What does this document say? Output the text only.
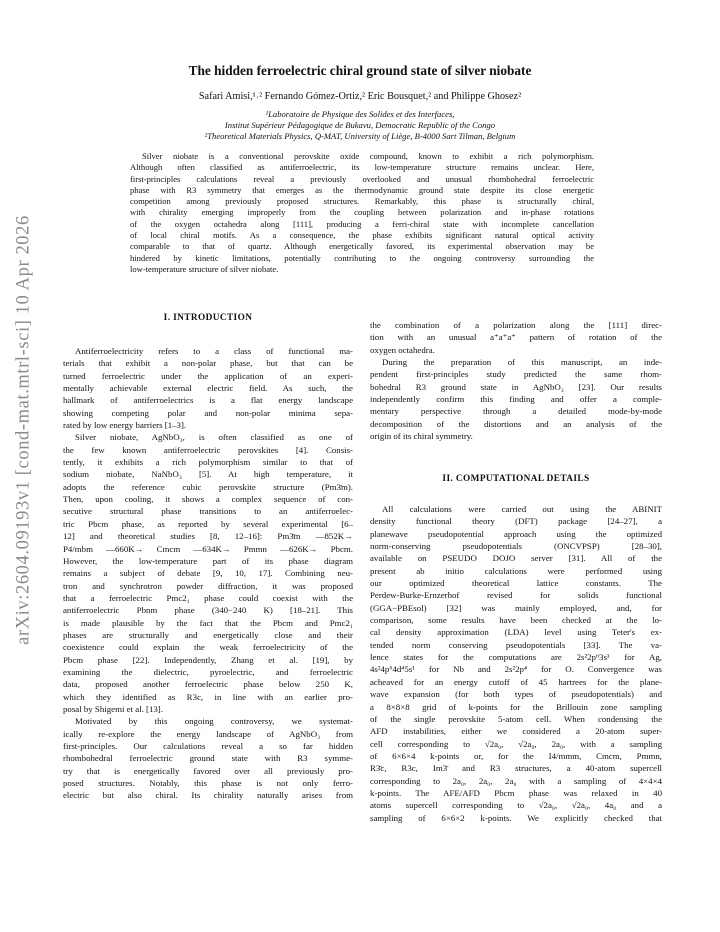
arXiv:2604.09193v1 [cond-mat.mtrl-sci] 10 Apr 2026
The hidden ferroelectric chiral ground state of silver niobate
Safari Amisi,¹˒² Fernando Gómez-Ortiz,² Eric Bousquet,² and Philippe Ghosez²
¹Laboratoire de Physique des Solides et des Interfaces,
Institut Supérieur Pédagogique de Bukavu, Democratic Republic of the Congo
²Theoretical Materials Physics, Q-MAT, University of Liège, B-4000 Sart Tilman, Belgium
Silver niobate is a conventional perovskite oxide compound, known to exhibit a rich polymorphism.
Although often classified as antiferroelectric, its low-temperature structure remains unclear. Here,
first-principles calculations reveal a previously overlooked and unusual rhombohedral ferroelectric
phase with R3 symmetry that emerges as the thermodynamic ground state despite its close energetic
competition among previously proposed structures. Remarkably, this phase is structurally chiral,
with chirality emerging improperly from the coupling between polarization and in-phase rotations
of the oxygen octahedra along [111], producing a ferri-chiral state with incomplete cancellation
of local chiral motifs. As a consequence, the phase exhibits significant natural optical activity
comparable to that of quartz. Although energetically favored, its experimental observation may be
hindered by kinetic limitations, potentially contributing to the ongoing controversy surrounding the
low-temperature structure of silver niobate.
I. INTRODUCTION
Antiferroelectricity refers to a class of functional ma-
terials that exhibit a non-polar phase, but that can be
turned ferroelectric under the application of an experi-
mentally achievable external electric field. As such, the
hallmark of antiferroelectrics is a flat energy landscape
showing competing polar and non-polar minima sepa-
rated by low energy barriers [1–3].
Silver niobate, AgNbO₃, is often classified as one of
the few known antiferroelectric perovskites [4]. Consis-
tently, it exhibits a rich polymorphism similar to that of
sodium niobate, NaNbO₃ [5]. At high temperature, it
adopts the reference cubic perovskite structure (Pm3̄m).
Then, upon cooling, it shows a complex sequence of con-
secutive structural phase transitions to an antiferroelec-
tric Pbcm phase, as reported by several experimental [6–
12] and theoretical studies [8, 12–16]: Pm3̄m —852K→
P4/mbm —660K→ Cmcm —634K→ Pmmn —626K→ Pbcm.
However, the low-temperature part of its phase diagram
remains a subject of debate [9, 10, 17]. Combining neu-
tron and synchrotron powder diffraction, it was proposed
that a ferroelectric Pmc2₁ phase could coexist with the
antiferroelectric Pbnm phase (340−240 K) [18–21]. This
is made plausible by the fact that the Pbcm and Pmc2₁
phases are structurally and energetically close and their
coexistence could explain the weak ferroelectricity of the
Pbcm phase [22]. Independently, Zhang et al. [19], by
examining the dielectric, pyroelectric, and ferroelectric
data, proposed another ferroelectric phase below 250 K,
which they identified as R3c, in line with an earlier pro-
posal by Shigemi et al. [13].
Motivated by this ongoing controversy, we systemat-
ically re-explore the energy landscape of AgNbO₃ from
first-principles. Our calculations reveal a so far hidden
rhombohedral ferroelectric ground state with R3 symme-
try that is energetically favored over all previously pro-
posed structures. Notably, this phase is not only ferro-
electric but also chiral. Its chirality naturally arises from
the combination of a polarization along the [111] direc-
tion with an unusual a⁺a⁺a⁺ pattern of rotation of the
oxygen octahedra.
During the preparation of this manuscript, an inde-
pendent first-principles study predicted the same rhom-
bohedral R3 ground state in AgNbO₃ [23]. Our results
independently confirm this finding and offer a comple-
mentary perspective through a detailed mode-by-mode
decomposition of the distortions and an analysis of the
origin of its chiral symmetry.
II. COMPUTATIONAL DETAILS
All calculations were carried out using the ABINIT
density functional theory (DFT) package [24–27], a
planewave pseudopotential approach using the optimized
norm-conserving pseudopotentials (ONCVPSP) [28–30],
available on PSEUDO DOJO server [31]. All of the
present ab initio calculations were performed using
our optimized theoretical lattice constants. The
Perdew-Burke-Ernzerhof revised for solids functional
(GGA−PBEsol) [32] was mainly employed, and, for
comparison, some results have been checked at the lo-
cal density approximation (LDA) level using Teter's ex-
tended norm conserving pseudopotentials [33]. The va-
lence states for the computations are 2s²2p⁶3s¹ for Ag,
4s²4p⁶4d⁴5s¹ for Nb and 2s²2p⁴ for O. Convergence was
acheaved for an energy cutoff of 45 hartrees for the plane-
wave expansion (for both types of pseudopotentials) and
a 8×8×8 grid of k-points for the Brillouin zone sampling
of the single perovskite 5-atom cell. When condensing the
AFD instabilities, either we considered a 20-atom super-
cell corresponding to √2a₀, √2a₀, 2a₀, with a sampling
of 6×6×4 k-points or, for the I4/mmm, Cmcm, Pmmn,
R3̄c, R3c, Im3̄ and R3 structures, a 40-atom supercell
corresponding to 2a₀, 2a₀, 2a₀ with a sampling of 4×4×4
k-points. The AFE/AFD Pbcm phase was relaxed in 40
atoms supercell corresponding to √2a₀, √2a₀, 4a₀ and a
sampling of 6×6×2 k-points. We explicitly checked that
